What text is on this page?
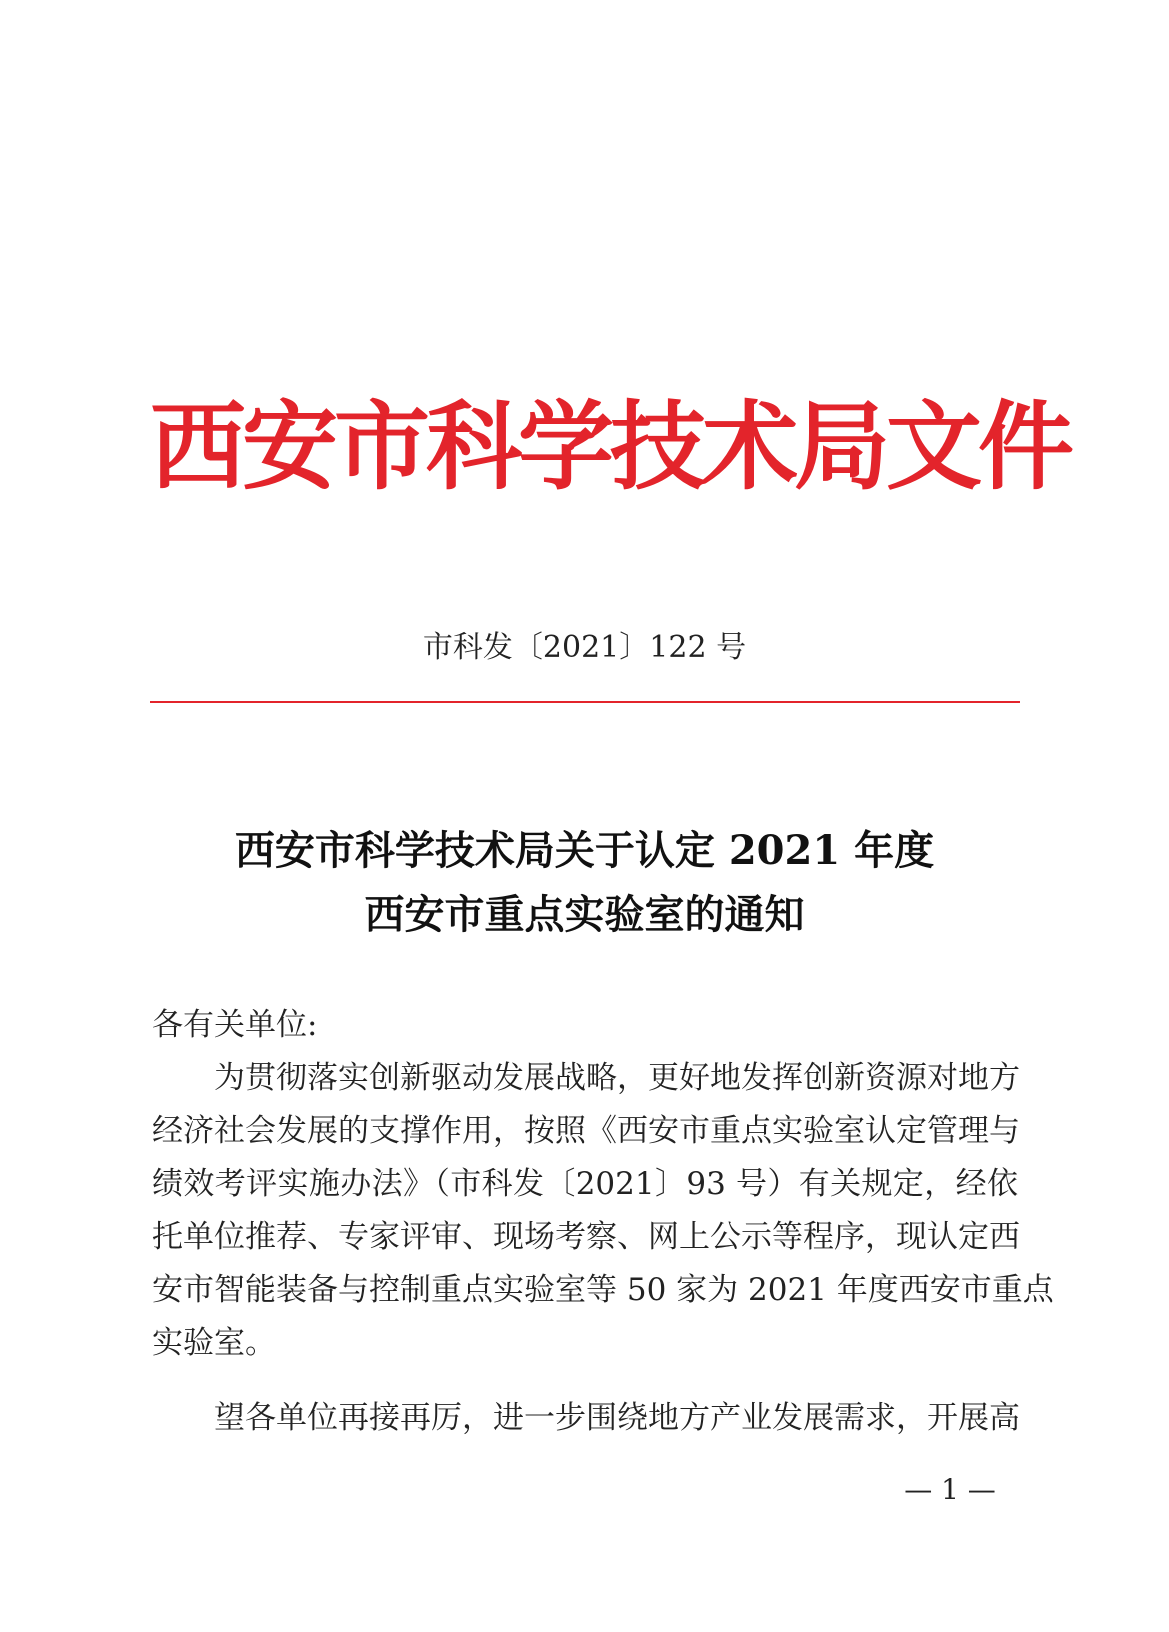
西安市科学技术局文件
市科发〔2021〕122 号
西安市科学技术局关于认定 2021 年度
西安市重点实验室的通知
各有关单位:
为贯彻落实创新驱动发展战略，更好地发挥创新资源对地方
经济社会发展的支撑作用，按照《西安市重点实验室认定管理与
绩效考评实施办法》（市科发〔2021〕93 号）有关规定，经依
托单位推荐、专家评审、现场考察、网上公示等程序，现认定西
安市智能装备与控制重点实验室等 50 家为 2021 年度西安市重点
实验室。
望各单位再接再厉，进一步围绕地方产业发展需求，开展高
— 1 —
